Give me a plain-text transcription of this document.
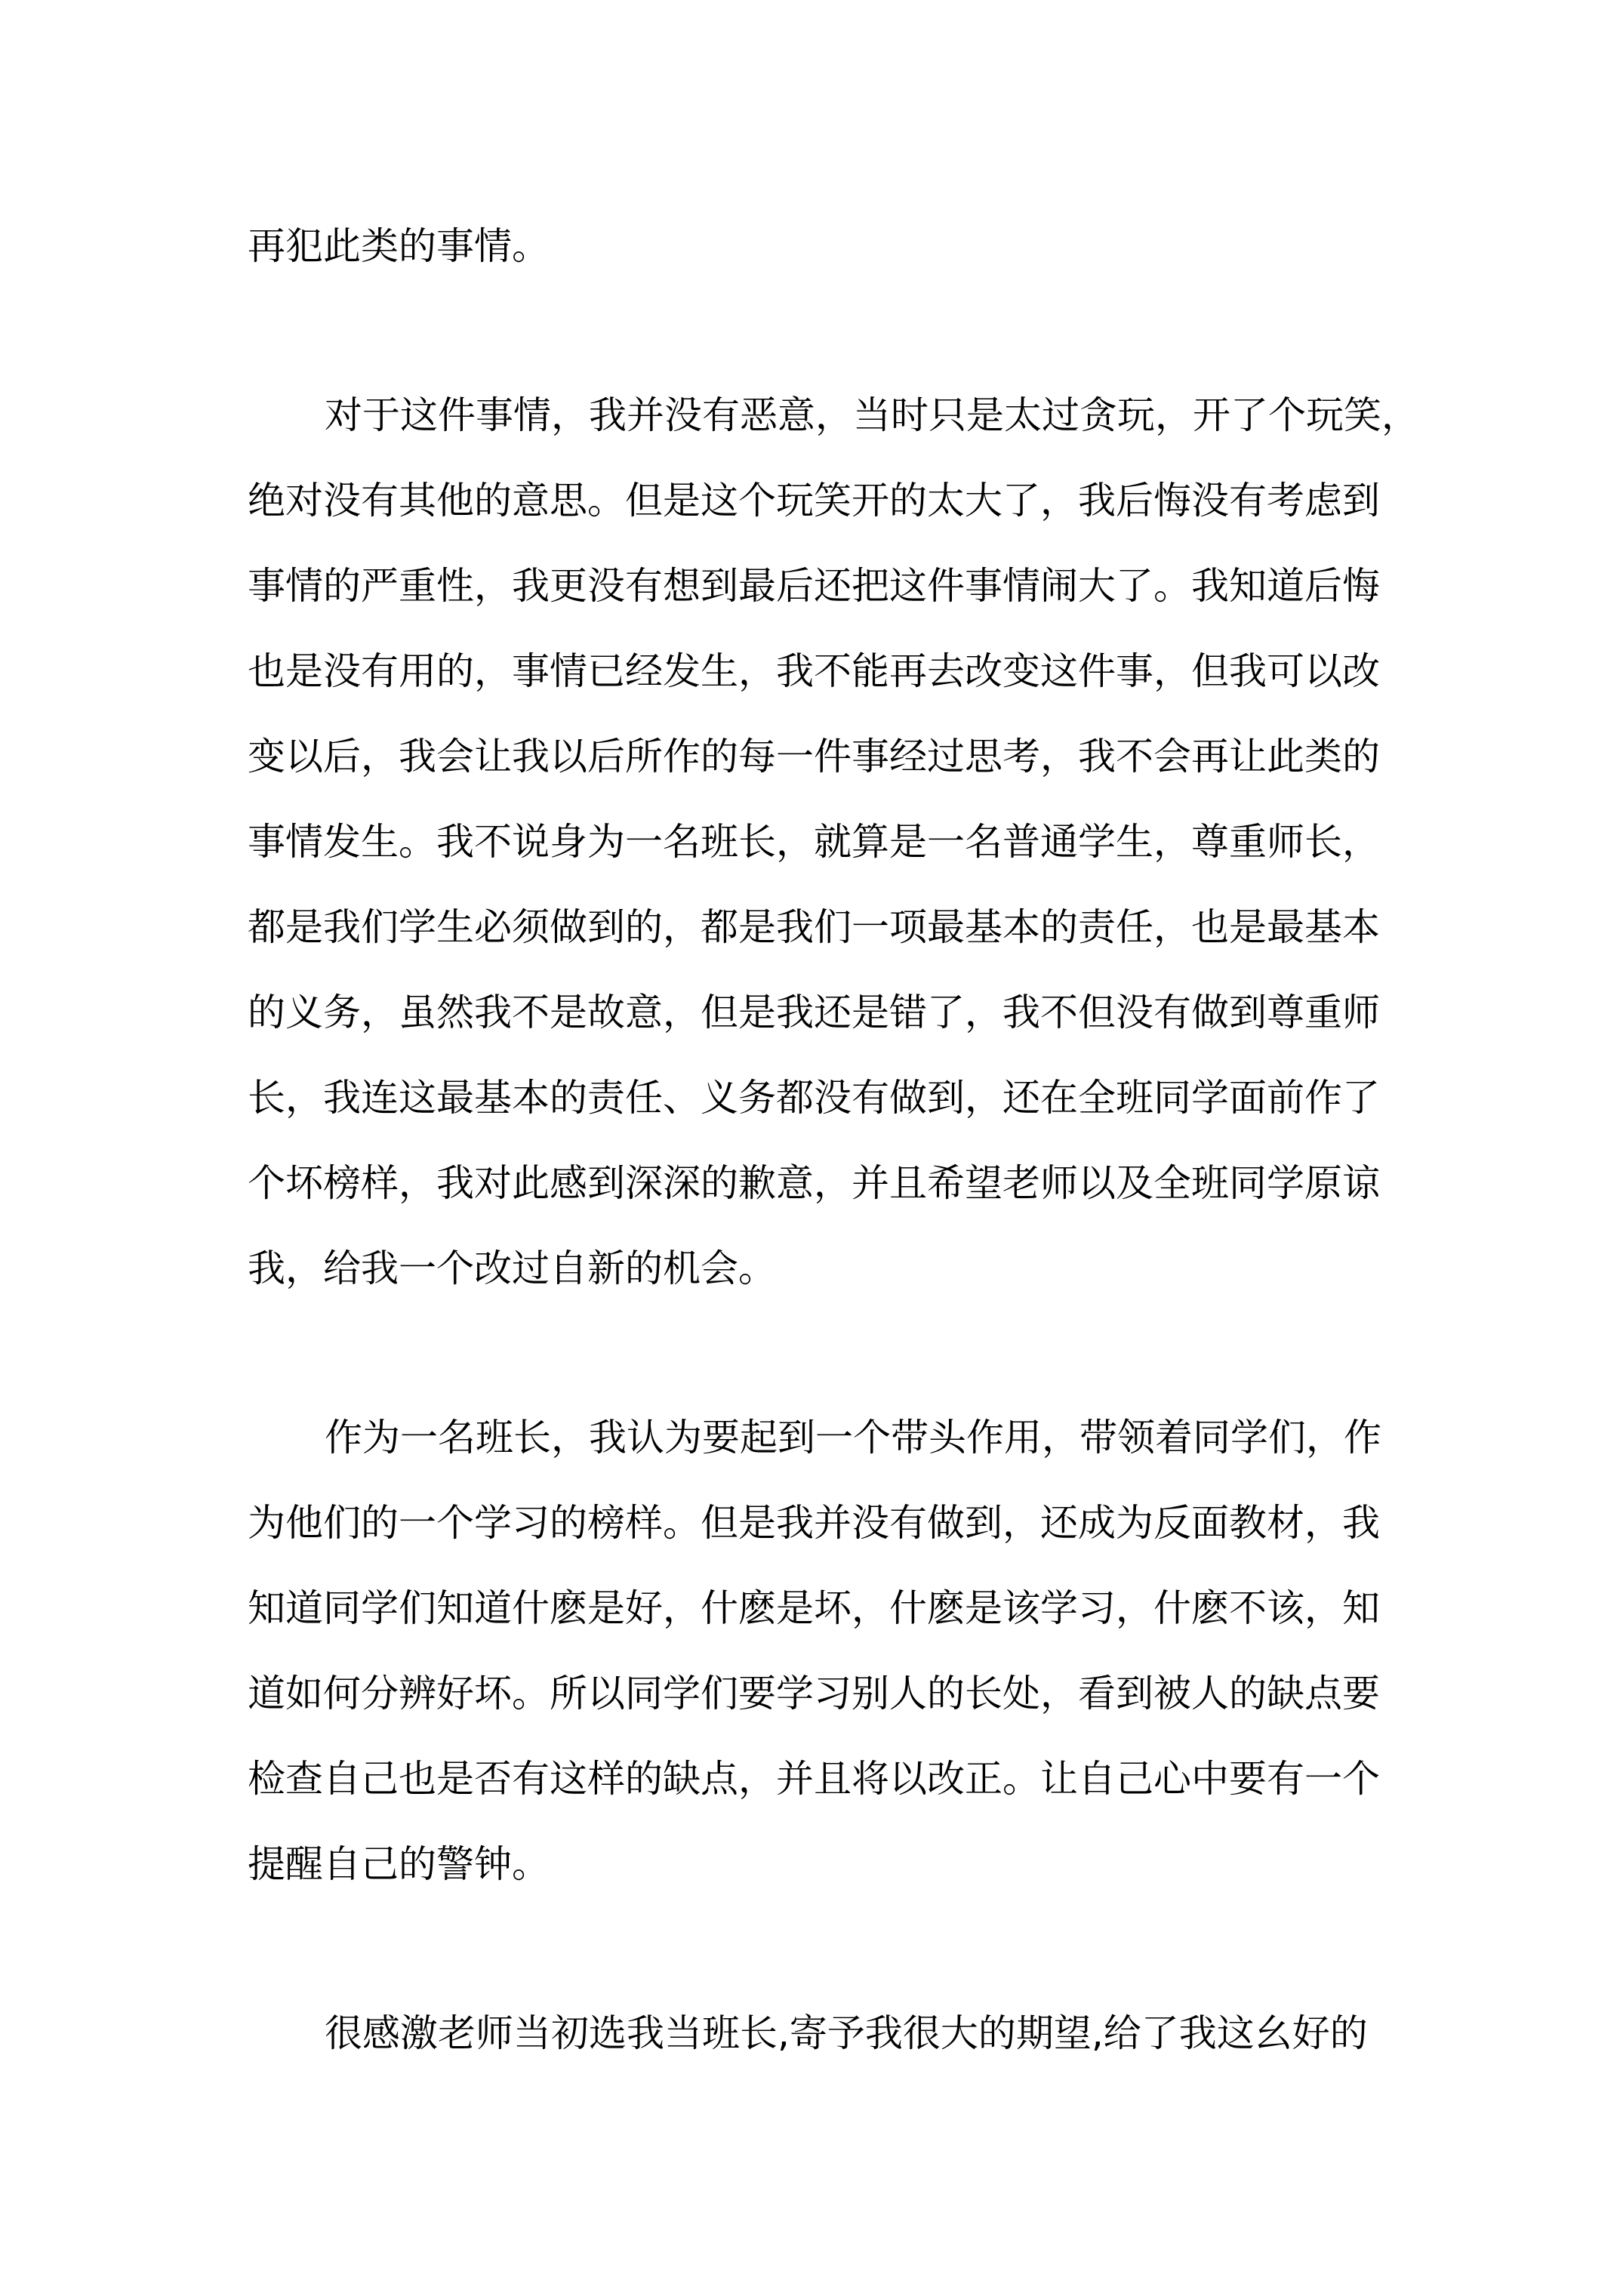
再犯此类的事情。
对于这件事情，我并没有恶意，当时只是太过贪玩，开了个玩笑，
绝对没有其他的意思。但是这个玩笑开的太大了，我后悔没有考虑到
事情的严重性，我更没有想到最后还把这件事情闹大了。我知道后悔
也是没有用的，事情已经发生，我不能再去改变这件事，但我可以改
变以后，我会让我以后所作的每一件事经过思考，我不会再让此类的
事情发生。我不说身为一名班长，就算是一名普通学生，尊重师长，
都是我们学生必须做到的，都是我们一项最基本的责任，也是最基本
的义务，虽然我不是故意，但是我还是错了，我不但没有做到尊重师
长，我连这最基本的责任、义务都没有做到，还在全班同学面前作了
个坏榜样，我对此感到深深的歉意，并且希望老师以及全班同学原谅
我，给我一个改过自新的机会。
作为一名班长，我认为要起到一个带头作用，带领着同学们，作
为他们的一个学习的榜样。但是我并没有做到，还成为反面教材，我
知道同学们知道什麽是好，什麽是坏，什麽是该学习，什麽不该，知
道如何分辨好坏。所以同学们要学习别人的长处，看到被人的缺点要
检查自己也是否有这样的缺点，并且将以改正。让自己心中要有一个
提醒自己的警钟。
很感激老师当初选我当班长,寄予我很大的期望,给了我这幺好的
